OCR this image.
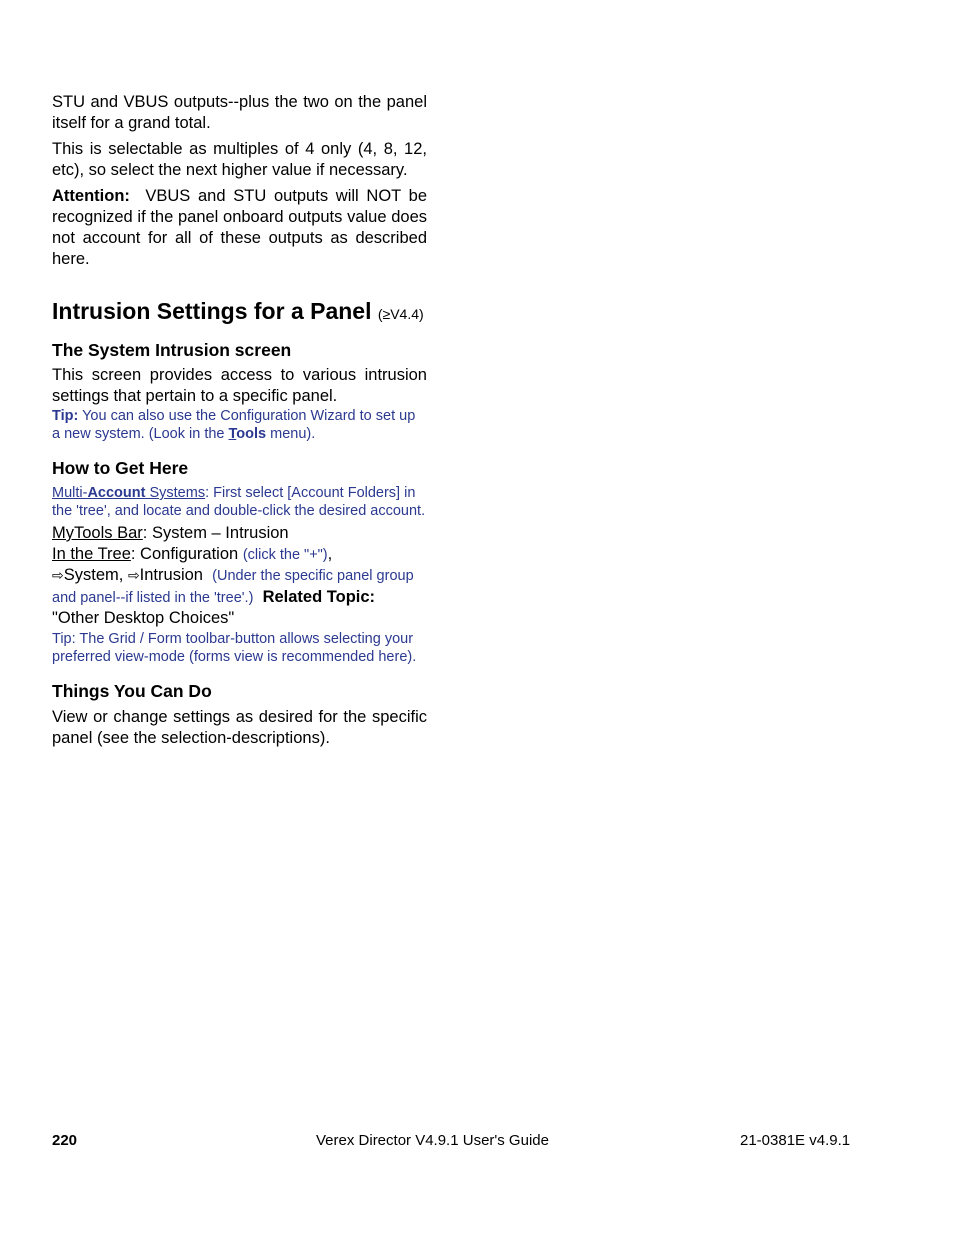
STU and VBUS outputs--plus the two on the panel itself for a grand total.

This is selectable as multiples of 4 only (4, 8, 12, etc), so select the next higher value if necessary.

Attention: VBUS and STU outputs will NOT be recognized if the panel onboard outputs value does not account for all of these outputs as described here.

Intrusion Settings for a Panel (≥V4.4)
The System Intrusion screen

This screen provides access to various intrusion settings that pertain to a specific panel.

Tip: You can also use the Configuration Wizard to set up a new system. (Look in the Tools menu).

How to Get Here

Multi-Account Systems: First select [Account Folders] in the 'tree', and locate and double-click the desired account.

MyTools Bar: System – Intrusion

In the Tree: Configuration (click the "+"),
⇨System, ⇨Intrusion (Under the specific panel group and panel--if listed in the 'tree'.) Related Topic:  "Other Desktop Choices"

Tip: The Grid / Form toolbar-button allows selecting your preferred view-mode (forms view is recommended here).

Things You Can Do

View or change settings as desired for the specific panel (see the selection-descriptions).

220	Verex Director V4.9.1 User's Guide	21-0381E v4.9.1
